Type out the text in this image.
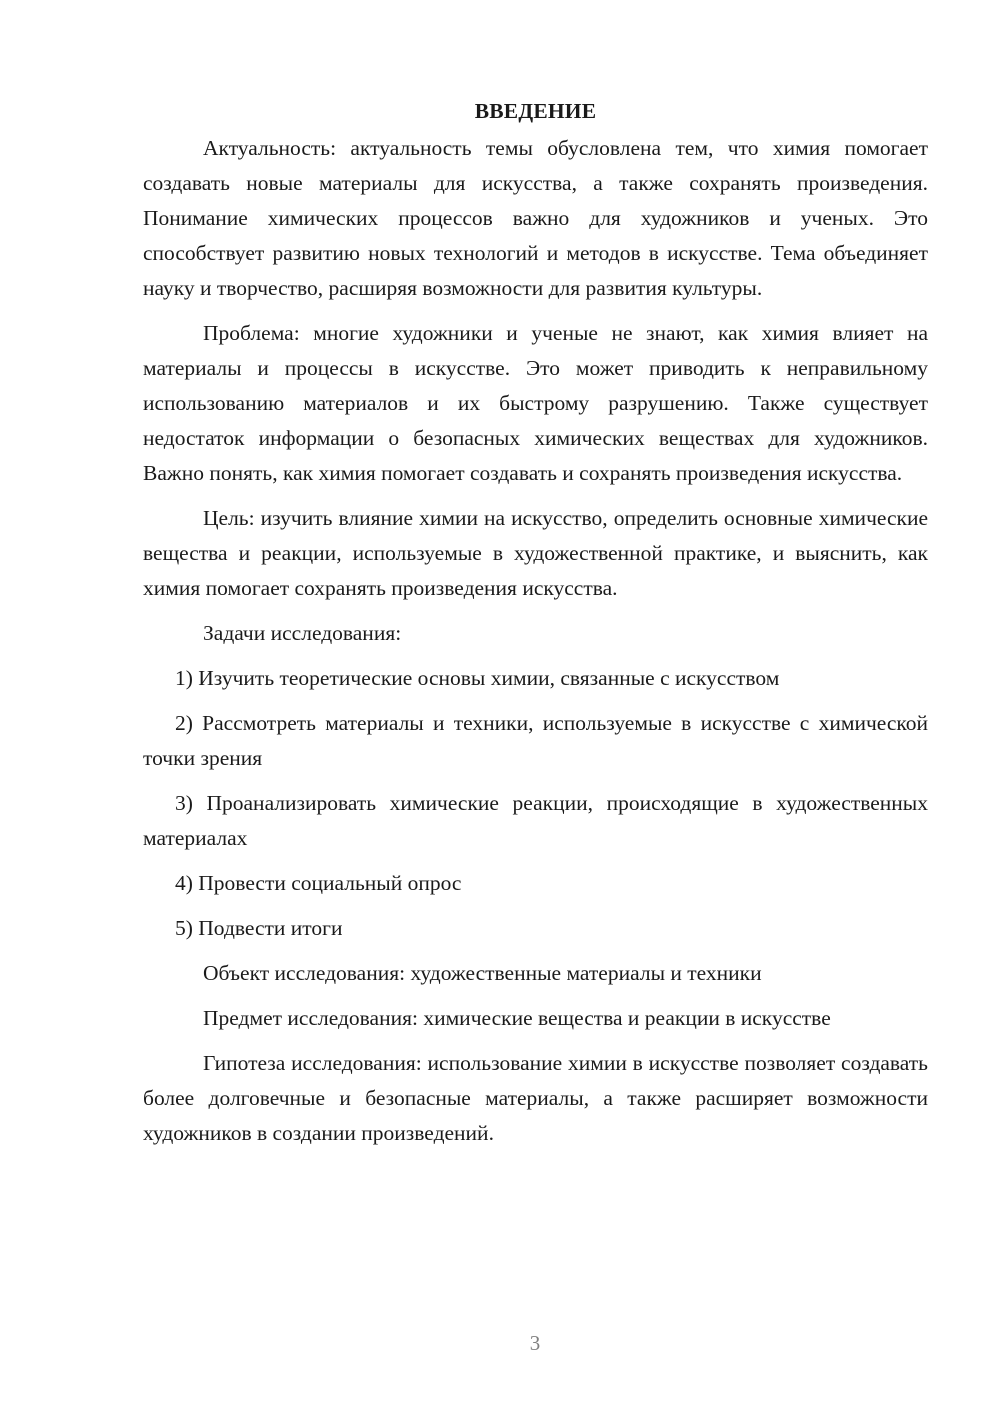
ВВЕДЕНИЕ

Актуальность: актуальность темы обусловлена тем, что химия помогает создавать новые материалы для искусства, а также сохранять произведения. Понимание химических процессов важно для художников и ученых. Это способствует развитию новых технологий и методов в искусстве. Тема объединяет науку и творчество, расширяя возможности для развития культуры.

Проблема: многие художники и ученые не знают, как химия влияет на материалы и процессы в искусстве. Это может приводить к неправильному использованию материалов и их быстрому разрушению. Также существует недостаток информации о безопасных химических веществах для художников. Важно понять, как химия помогает создавать и сохранять произведения искусства.

Цель: изучить влияние химии на искусство, определить основные химические вещества и реакции, используемые в художественной практике, и выяснить, как химия помогает сохранять произведения искусства.

Задачи исследования:

1) Изучить теоретические основы химии, связанные с искусством

2) Рассмотреть материалы и техники, используемые в искусстве с химической точки зрения

3) Проанализировать химические реакции, происходящие в художественных материалах

4) Провести социальный опрос

5) Подвести итоги

Объект исследования: художественные материалы и техники

Предмет исследования: химические вещества и реакции в искусстве

Гипотеза исследования: использование химии в искусстве позволяет создавать более долговечные и безопасные материалы, а также расширяет возможности художников в создании произведений.

3
